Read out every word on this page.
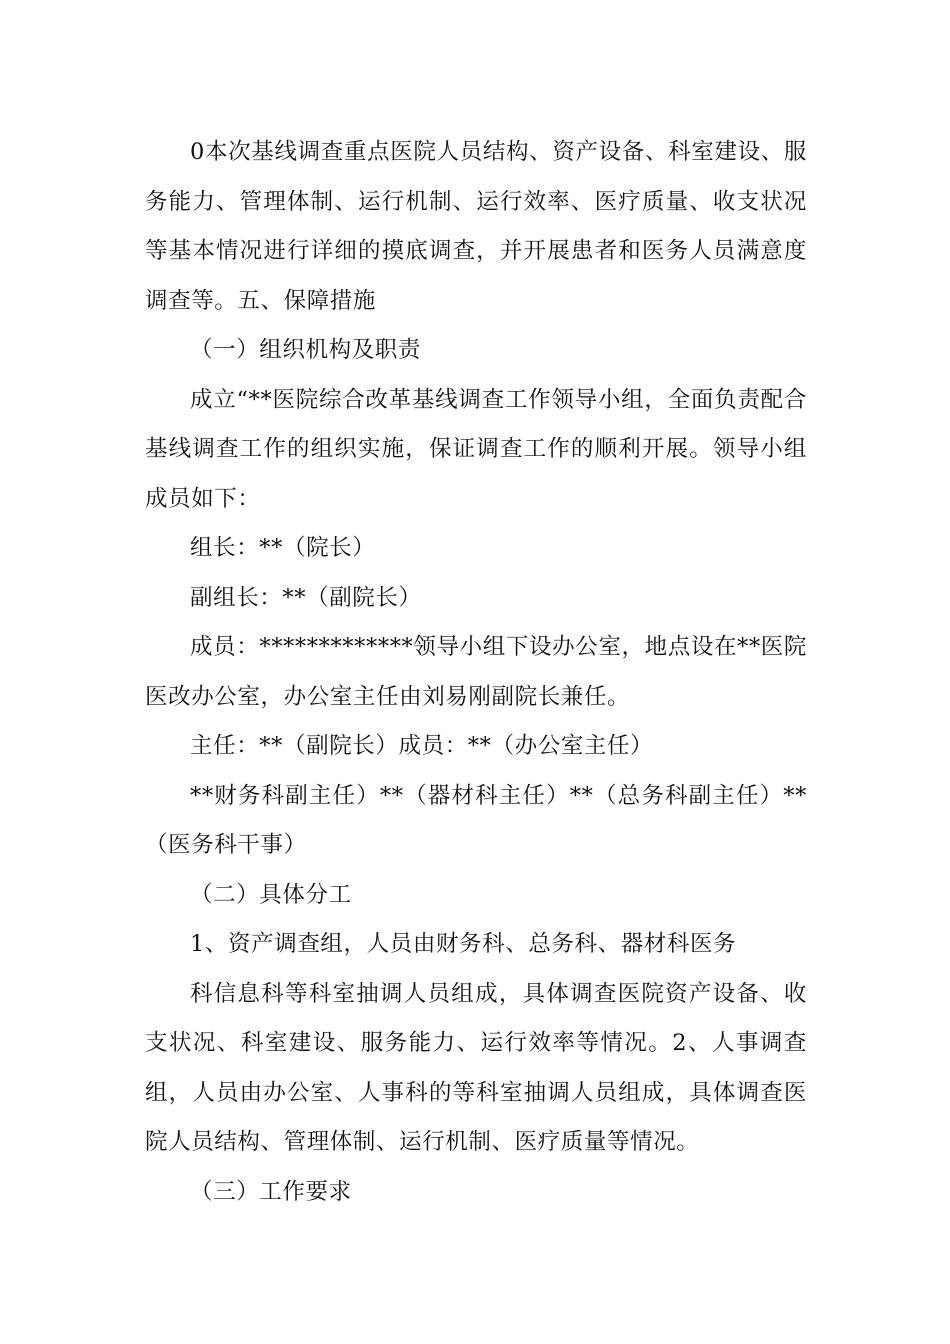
0本次基线调查重点医院人员结构、资产设备、科室建设、服务能力、管理体制、运行机制、运行效率、医疗质量、收支状况等基本情况进行详细的摸底调查，并开展患者和医务人员满意度调查等。五、保障措施

（一）组织机构及职责

成立“**医院综合改革基线调查工作领导小组，全面负责配合基线调查工作的组织实施，保证调查工作的顺利开展。领导小组成员如下：

组长：**（院长）

副组长：**（副院长）

成员：*************领导小组下设办公室，地点设在**医院医改办公室，办公室主任由刘易刚副院长兼任。

主任：**（副院长）成员：**（办公室主任）

**财务科副主任）**（器材科主任）**（总务科副主任）**（医务科干事）

（二）具体分工

1、资产调查组，人员由财务科、总务科、器材科医务

科信息科等科室抽调人员组成，具体调查医院资产设备、收支状况、科室建设、服务能力、运行效率等情况。2、人事调查组，人员由办公室、人事科的等科室抽调人员组成，具体调查医院人员结构、管理体制、运行机制、医疗质量等情况。

（三）工作要求
